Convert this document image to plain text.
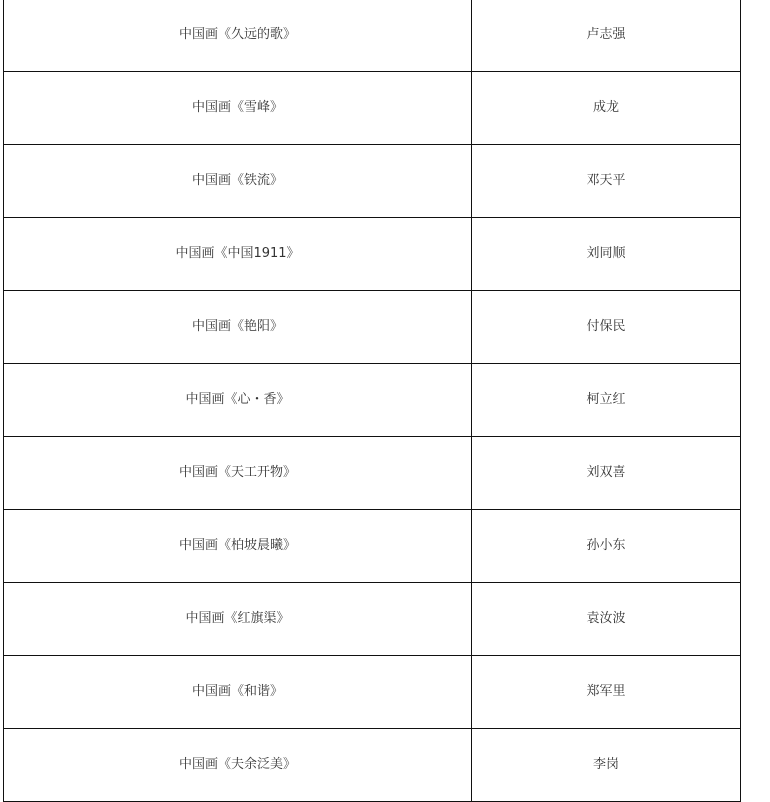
中国画《久远的歌》	卢志强
中国画《雪峰》	成龙
中国画《铁流》	邓天平
中国画《中国1911》	刘同顺
中国画《艳阳》	付保民
中国画《心・香》	柯立红
中国画《天工开物》	刘双喜
中国画《柏坡晨曦》	孙小东
中国画《红旗渠》	袁汝波
中国画《和谐》	郑军里
中国画《夫余泛美》	李岗
